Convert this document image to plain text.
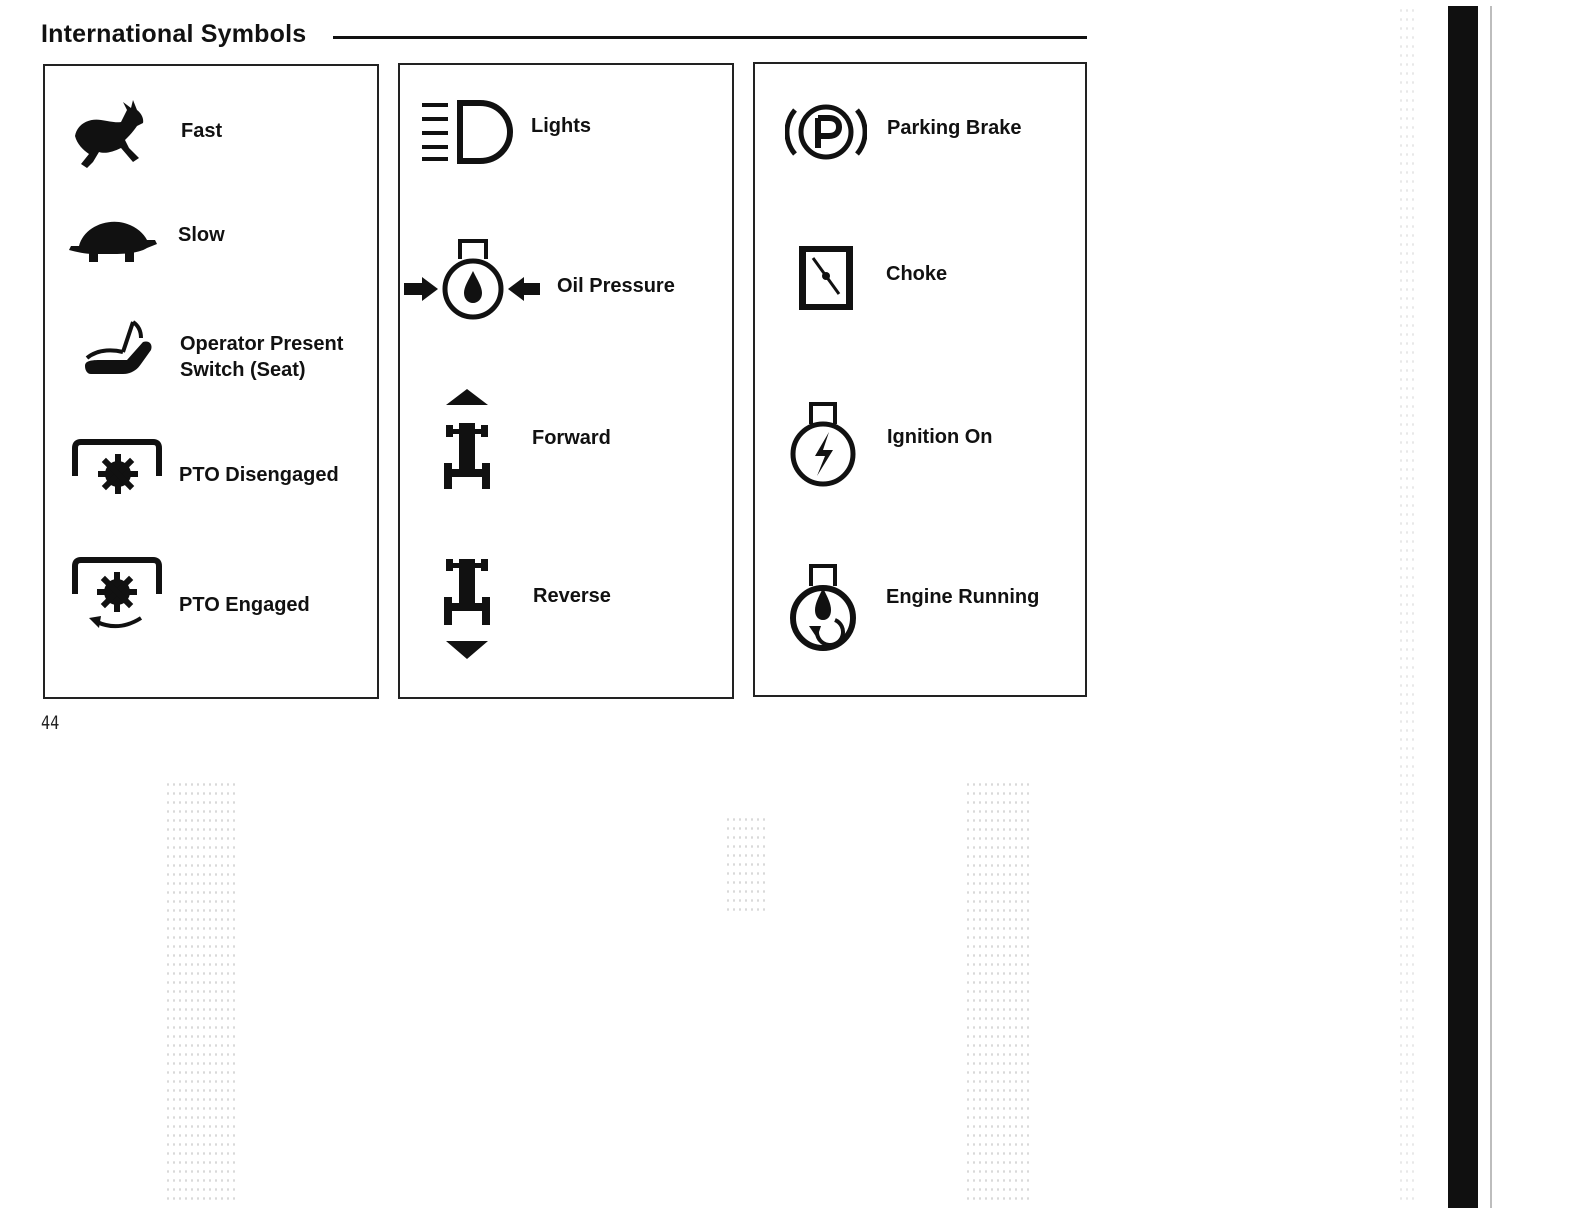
International Symbols
Fast
Slow
Operator Present
Switch (Seat)
PTO Disengaged
PTO Engaged
Lights
Oil Pressure
Forward
Reverse
Parking Brake
Choke
Ignition On
Engine Running
44
